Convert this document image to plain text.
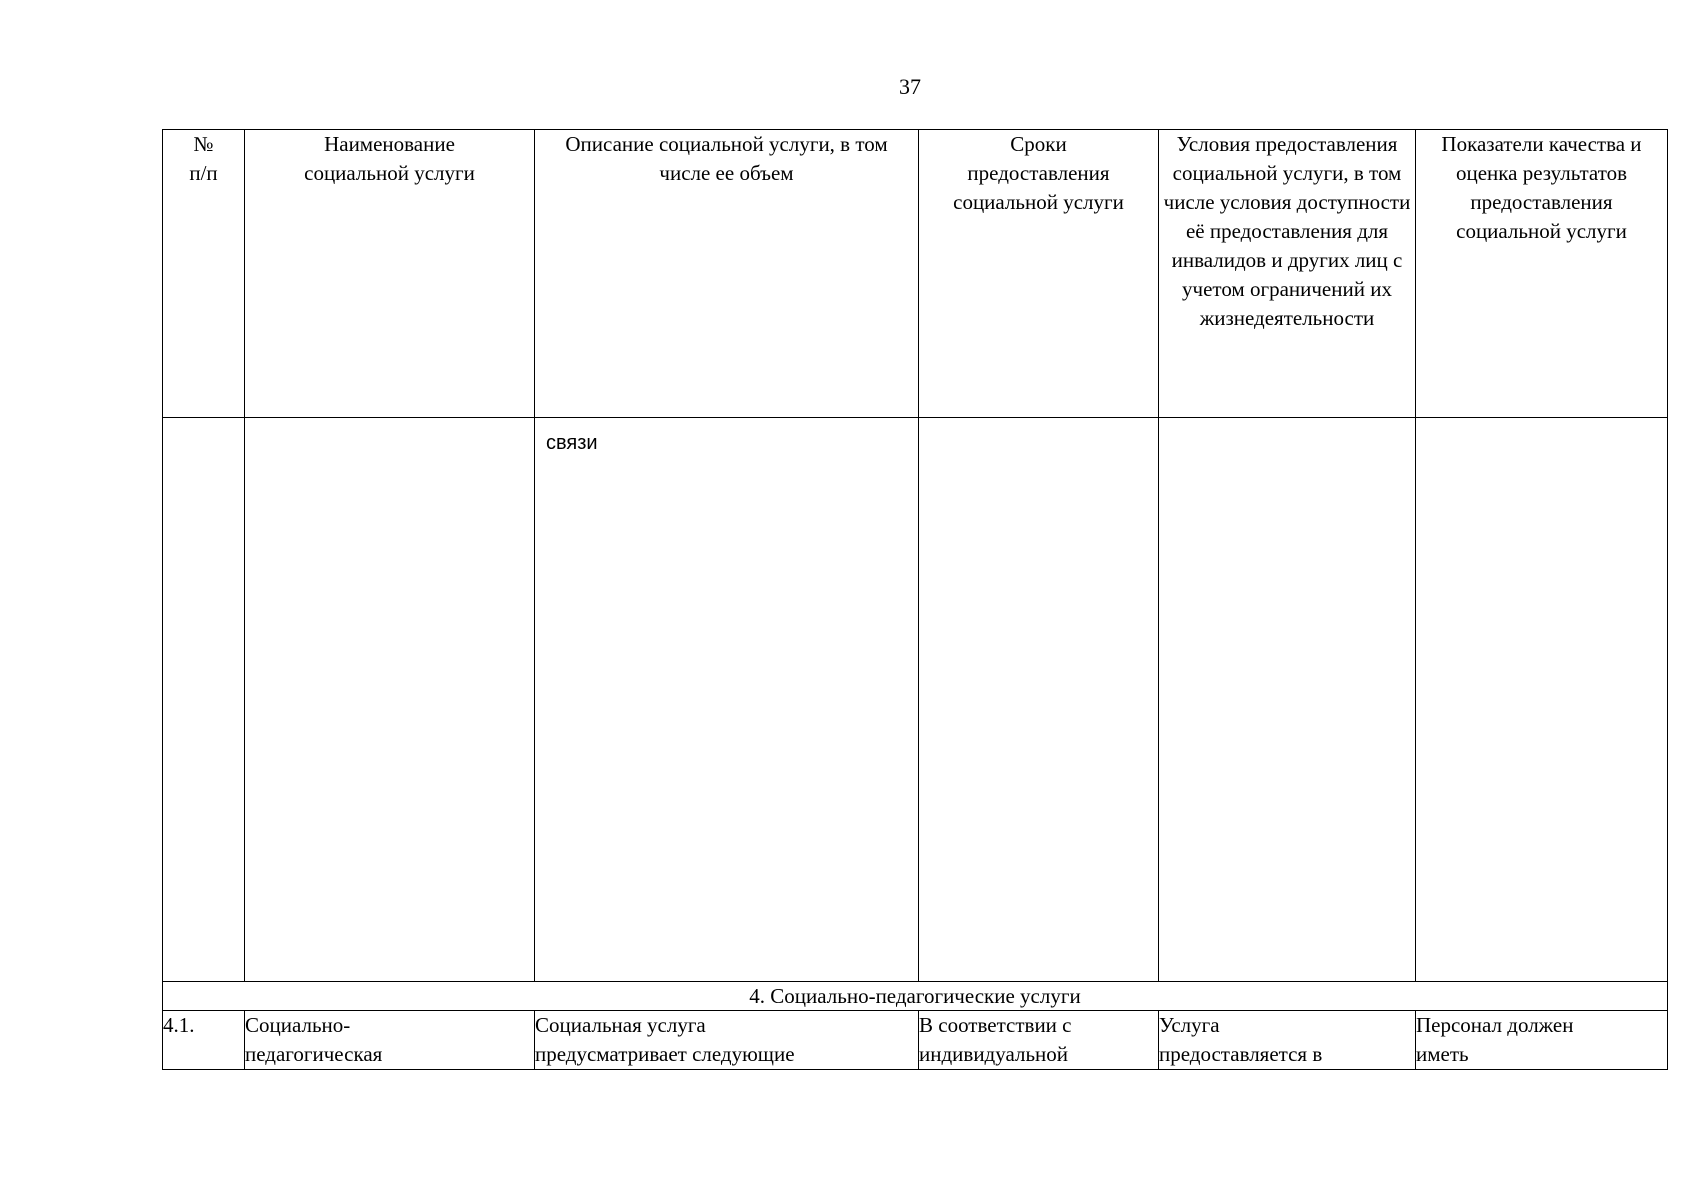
37
№ п/п	Наименование социальной услуги	Описание социальной услуги, в том числе ее объем	Сроки предоставления социальной услуги	Условия предоставления социальной услуги, в том числе условия доступности её предоставления для инвалидов и других лиц с учетом ограничений их жизнедеятельности	Показатели качества и оценка результатов предоставления социальной услуги

		связи			

4. Социально-педагогические услуги					

4.1.	Социально-педагогическая	Социальная услуга предусматривает следующие	В соответствии с индивидуальной	Услуга предоставляется в	Персонал должен иметь
